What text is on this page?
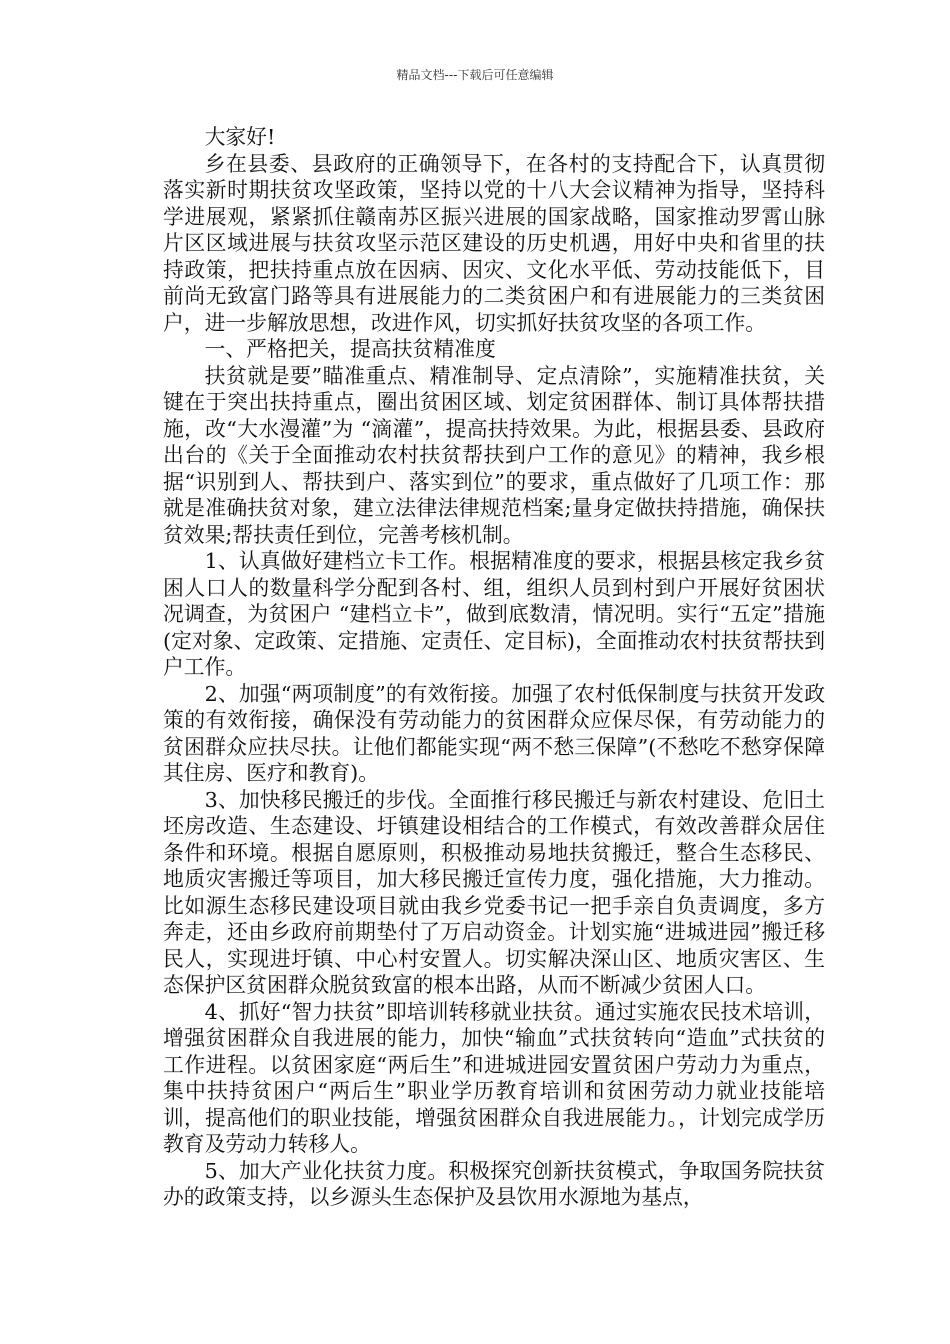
精品文档---下载后可任意编辑

大家好!

乡在县委、县政府的正确领导下，在各村的支持配合下，认真贯彻落实新时期扶贫攻坚政策，坚持以党的十八大会议精神为指导，坚持科学进展观，紧紧抓住赣南苏区振兴进展的国家战略，国家推动罗霄山脉片区区域进展与扶贫攻坚示范区建设的历史机遇，用好中央和省里的扶持政策，把扶持重点放在因病、因灾、文化水平低、劳动技能低下，目前尚无致富门路等具有进展能力的二类贫困户和有进展能力的三类贫困户，进一步解放思想，改进作风，切实抓好扶贫攻坚的各项工作。

一、严格把关，提高扶贫精准度

扶贫就是要”瞄准重点、精准制导、定点清除”，实施精准扶贫，关键在于突出扶持重点，圈出贫困区域、划定贫困群体、制订具体帮扶措施，改“大水漫灌”为 “滴灌”，提高扶持效果。为此，根据县委、县政府出台的《关于全面推动农村扶贫帮扶到户工作的意见》的精神，我乡根据“识别到人、帮扶到户、落实到位”的要求，重点做好了几项工作：那就是准确扶贫对象，建立法律法律规范档案;量身定做扶持措施，确保扶贫效果;帮扶责任到位，完善考核机制。

1、认真做好建档立卡工作。根据精准度的要求，根据县核定我乡贫困人口人的数量科学分配到各村、组，组织人员到村到户开展好贫困状况调查，为贫困户 “建档立卡”，做到底数清，情况明。实行“五定”措施(定对象、定政策、定措施、定责任、定目标)，全面推动农村扶贫帮扶到户工作。

2、加强“两项制度”的有效衔接。加强了农村低保制度与扶贫开发政策的有效衔接，确保没有劳动能力的贫困群众应保尽保，有劳动能力的贫困群众应扶尽扶。让他们都能实现“两不愁三保障”(不愁吃不愁穿保障其住房、医疗和教育)。

3、加快移民搬迁的步伐。全面推行移民搬迁与新农村建设、危旧土坯房改造、生态建设、圩镇建设相结合的工作模式，有效改善群众居住条件和环境。根据自愿原则，积极推动易地扶贫搬迁，整合生态移民、地质灾害搬迁等项目，加大移民搬迁宣传力度，强化措施，大力推动。比如源生态移民建设项目就由我乡党委书记一把手亲自负责调度，多方奔走，还由乡政府前期垫付了万启动资金。计划实施“进城进园”搬迁移民人，实现进圩镇、中心村安置人。切实解决深山区、地质灾害区、生态保护区贫困群众脱贫致富的根本出路，从而不断减少贫困人口。

4、抓好“智力扶贫”即培训转移就业扶贫。通过实施农民技术培训，增强贫困群众自我进展的能力，加快“输血”式扶贫转向“造血”式扶贫的工作进程。以贫困家庭“两后生”和进城进园安置贫困户劳动力为重点，集中扶持贫困户“两后生”职业学历教育培训和贫困劳动力就业技能培训，提高他们的职业技能，增强贫困群众自我进展能力。，计划完成学历教育及劳动力转移人。

5、加大产业化扶贫力度。积极探究创新扶贫模式，争取国务院扶贫办的政策支持，以乡源头生态保护及县饮用水源地为基点，
